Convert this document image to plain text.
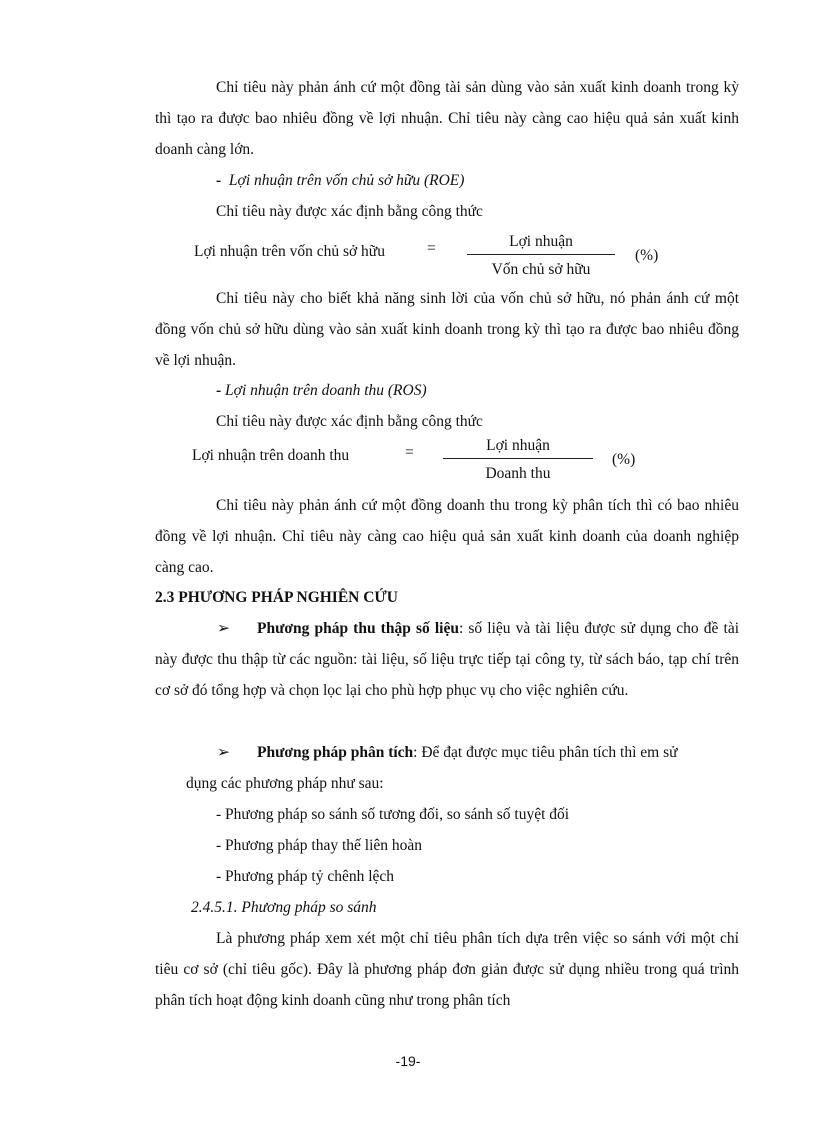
Chỉ tiêu này phản ánh cứ một đồng tài sản dùng vào sản xuất kinh doanh trong kỳ thì tạo ra được bao nhiêu đồng về lợi nhuận. Chỉ tiêu này càng cao hiệu quả sản xuất kinh doanh càng lớn.

- Lợi nhuận trên vốn chủ sở hữu (ROE)
Chỉ tiêu này được xác định bằng công thức
Lợi nhuận trên vốn chủ sở hữu	=	Lợi nhuận
Vốn chủ sở hữu
(%)

Chỉ tiêu này cho biết khả năng sinh lời của vốn chủ sở hữu, nó phản ánh cứ một đồng vốn chủ sở hữu dùng vào sản xuất kinh doanh trong kỳ thì tạo ra được bao nhiêu đồng về lợi nhuận.

- Lợi nhuận trên doanh thu (ROS)
Chỉ tiêu này được xác định bằng công thức
Lợi nhuận trên doanh thu	=	Lợi nhuận
Doanh thu
(%)

Chỉ tiêu này phản ánh cứ một đồng doanh thu trong kỳ phân tích thì có bao nhiêu đồng về lợi nhuận. Chỉ tiêu này càng cao hiệu quả sản xuất kinh doanh của doanh nghiệp càng cao.

2.3 PHƯƠNG PHÁP NGHIÊN CỨU

➢ Phương pháp thu thập số liệu: số liệu và tài liệu được sử dụng cho đề tài này được thu thập từ các nguồn: tài liệu, số liệu trực tiếp tại công ty, từ sách báo, tạp chí trên cơ sở đó tổng hợp và chọn lọc lại cho phù hợp phục vụ cho việc nghiên cứu.

➢ Phương pháp phân tích: Để đạt được mục tiêu phân tích thì em sử
dụng các phương pháp như sau:
- Phương pháp so sánh số tương đối, so sánh số tuyệt đối
- Phương pháp thay thế liên hoàn
- Phương pháp tỷ chênh lệch
2.4.5.1. Phương pháp so sánh

Là phương pháp xem xét một chỉ tiêu phân tích dựa trên việc so sánh với một chỉ tiêu cơ sở (chỉ tiêu gốc). Đây là phương pháp đơn giản được sử dụng nhiều trong quá trình phân tích hoạt động kinh doanh cũng như trong phân tích

-19-
